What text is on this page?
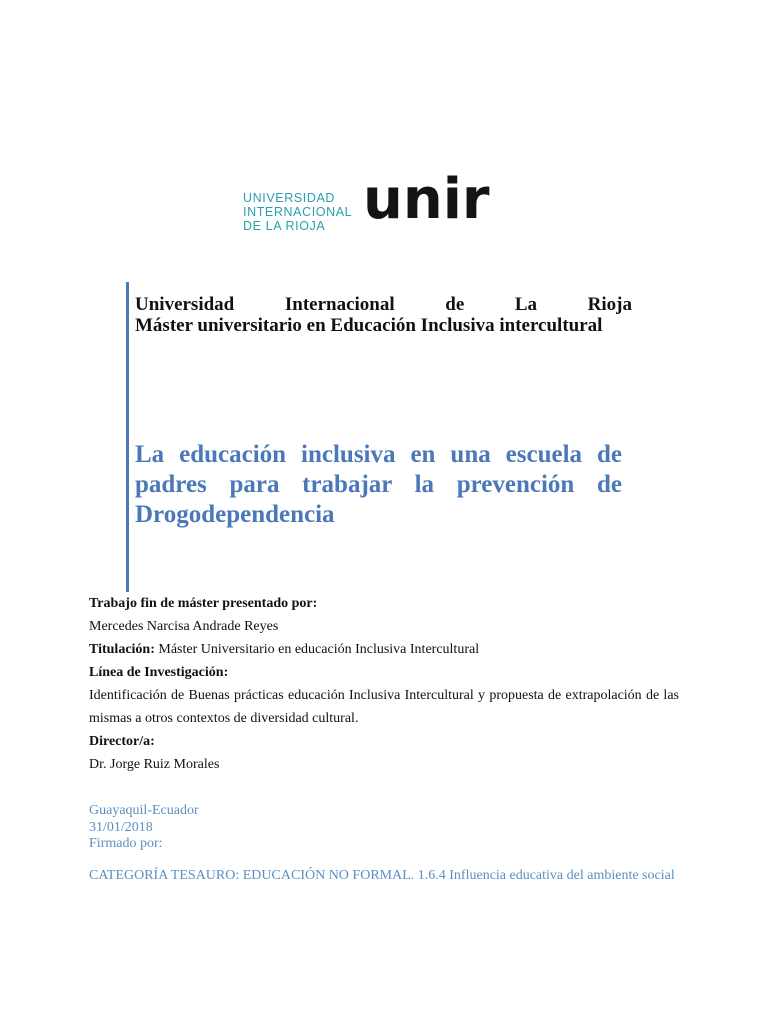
UNIVERSIDAD
INTERNACIONAL
DE LA RIOJA unir
Universidad Internacional de La Rioja
Máster universitario en Educación Inclusiva intercultural
La educación inclusiva en una escuela de padres para trabajar la prevención de Drogodependencia

Trabajo fin de máster presentado por:

Mercedes Narcisa Andrade Reyes

Titulación: Máster Universitario en educación Inclusiva Intercultural

Línea de Investigación:

Identificación de Buenas prácticas educación Inclusiva Intercultural y propuesta de extrapolación de las mismas a otros contextos de diversidad cultural.

Director/a:

Dr. Jorge Ruiz Morales

Guayaquil-Ecuador

31/01/2018

Firmado por:

CATEGORÍA TESAURO: EDUCACIÓN NO FORMAL. 1.6.4 Influencia educativa del ambiente social
